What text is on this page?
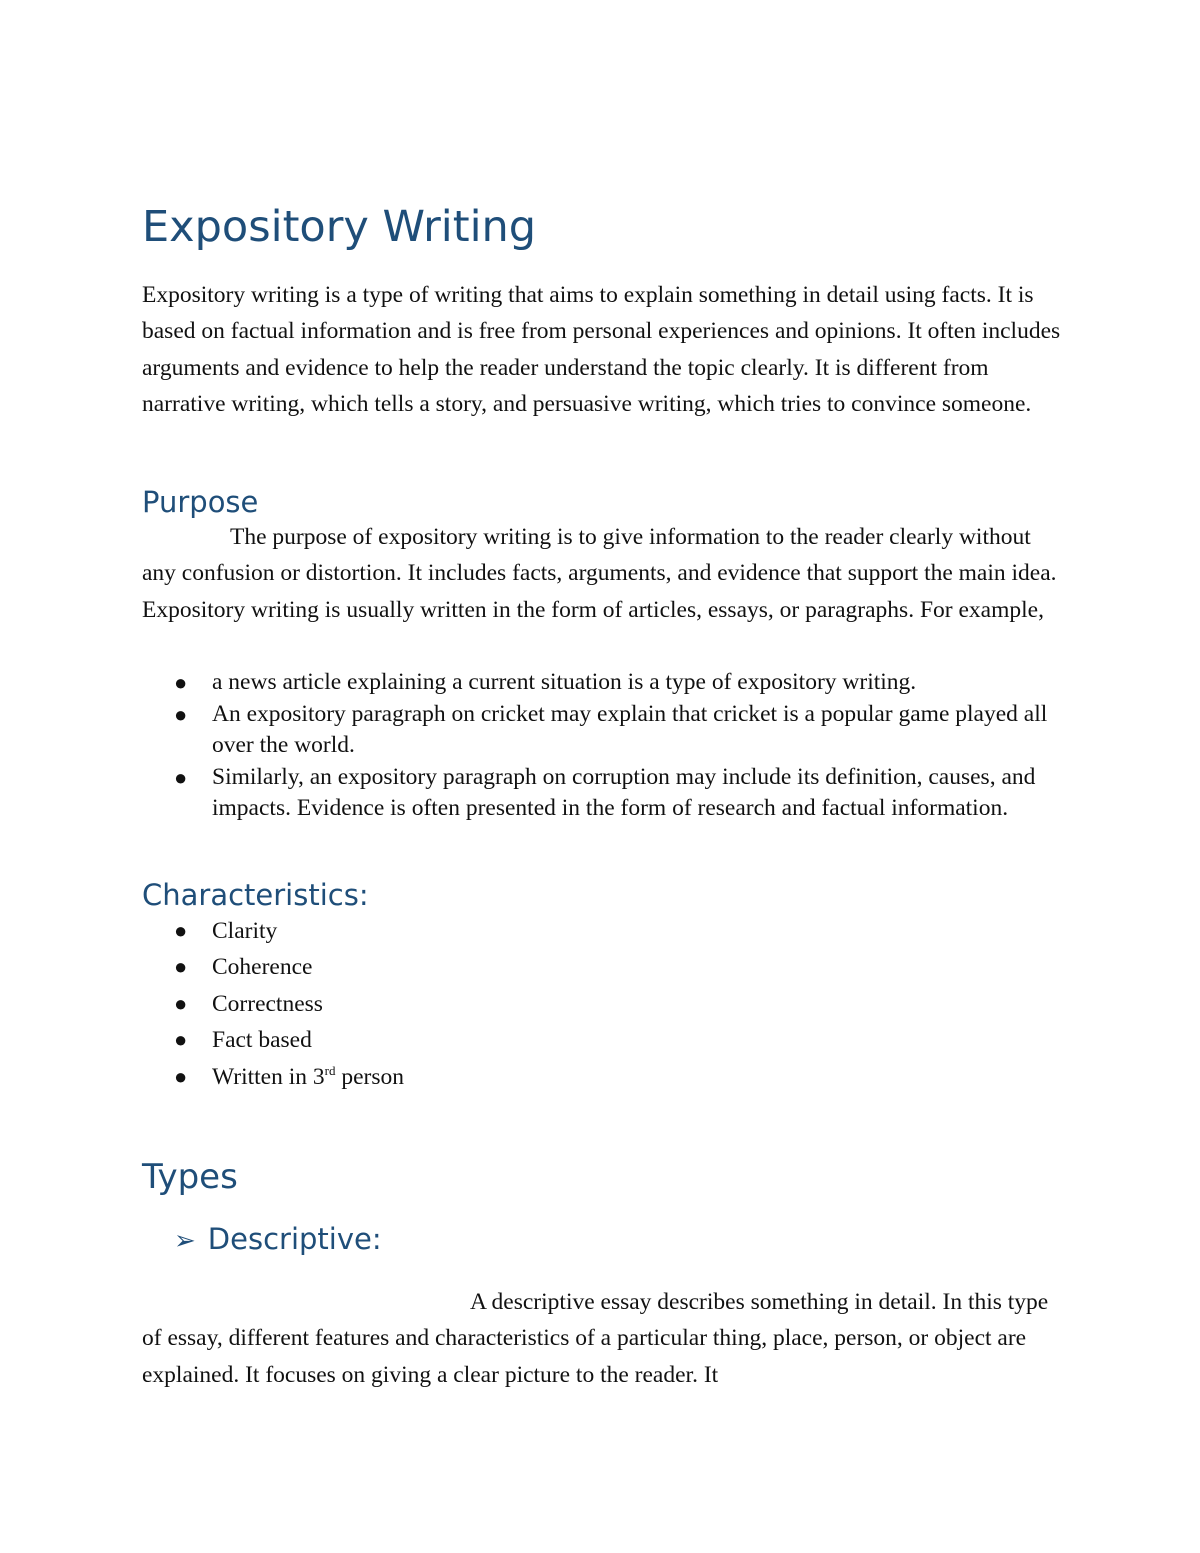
Expository Writing

Expository writing is a type of writing that aims to explain something in detail using facts. It is based on factual information and is free from personal experiences and opinions. It often includes arguments and evidence to help the reader understand the topic clearly. It is different from narrative writing, which tells a story, and persuasive writing, which tries to convince someone.

Purpose

The purpose of expository writing is to give information to the reader clearly without any confusion or distortion. It includes facts, arguments, and evidence that support the main idea. Expository writing is usually written in the form of articles, essays, or paragraphs. For example,

● a news article explaining a current situation is a type of expository writing.
● An expository paragraph on cricket may explain that cricket is a popular game played all over the world.
● Similarly, an expository paragraph on corruption may include its definition, causes, and impacts. Evidence is often presented in the form of research and factual information.
Characteristics:
● Clarity
● Coherence
● Correctness
● Fact based
● Written in 3rd person
Types
➢ Descriptive:

A descriptive essay describes something in detail. In this type of essay, different features and characteristics of a particular thing, place, person, or object are explained. It focuses on giving a clear picture to the reader. It
